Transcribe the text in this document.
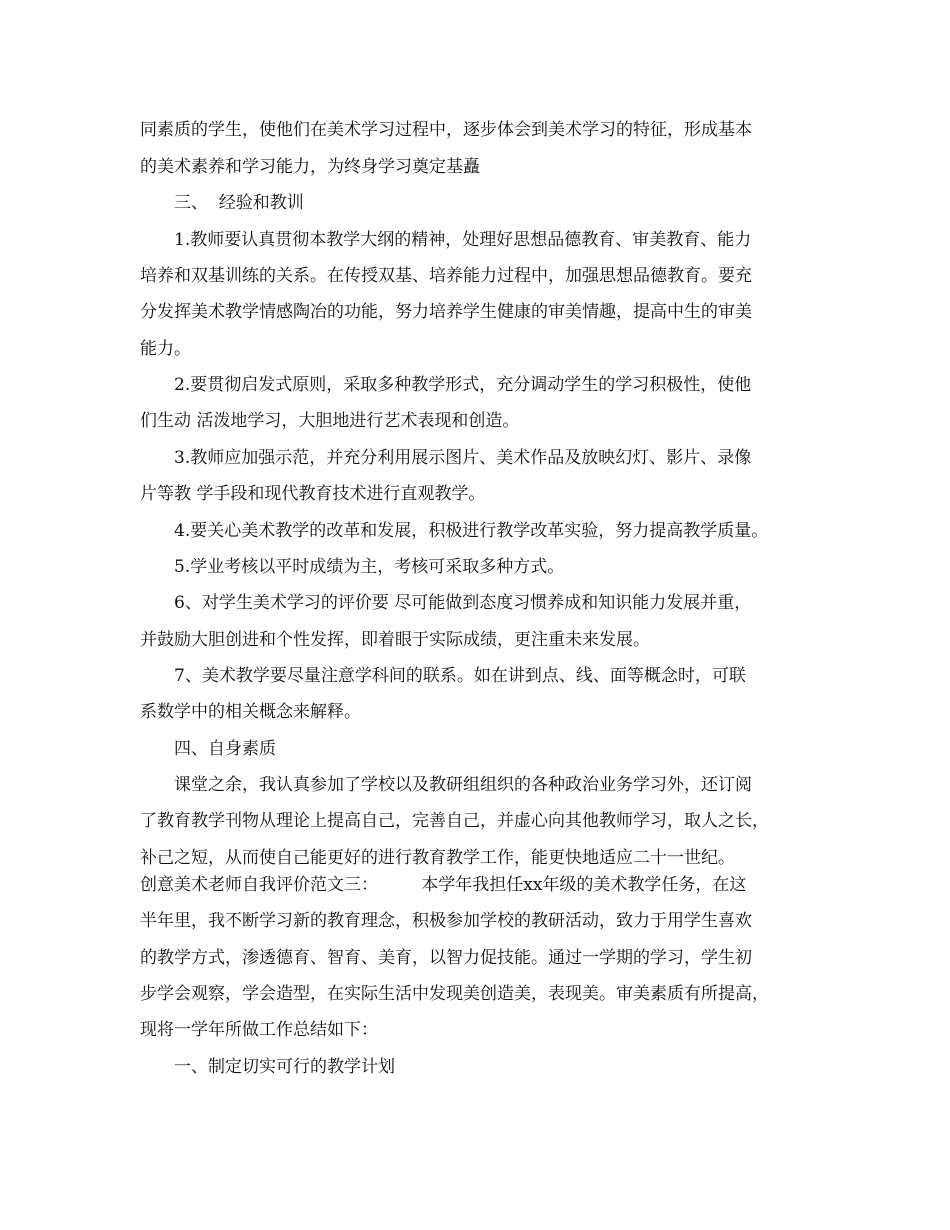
同素质的学生，使他们在美术学习过程中，逐步体会到美术学习的特征，形成基本
的美术素养和学习能力，为终身学习奠定基矗
三、  经验和教训
1.教师要认真贯彻本教学大纲的精神，处理好思想品德教育、审美教育、能力
培养和双基训练的关系。在传授双基、培养能力过程中，加强思想品德教育。要充
分发挥美术教学情感陶冶的功能，努力培养学生健康的审美情趣，提高中生的审美
能力。
2.要贯彻启发式原则，采取多种教学形式，充分调动学生的学习积极性，使他
们生动 活泼地学习，大胆地进行艺术表现和创造。
3.教师应加强示范，并充分利用展示图片、美术作品及放映幻灯、影片、录像
片等教 学手段和现代教育技术进行直观教学。
4.要关心美术教学的改革和发展，积极进行教学改革实验，努力提高教学质量。
5.学业考核以平时成绩为主，考核可采取多种方式。
6、对学生美术学习的评价要 尽可能做到态度习惯养成和知识能力发展并重，
并鼓励大胆创进和个性发挥，即着眼于实际成绩，更注重未来发展。
7、美术教学要尽量注意学科间的联系。如在讲到点、线、面等概念时，可联
系数学中的相关概念来解释。
四、自身素质
课堂之余，我认真参加了学校以及教研组组织的各种政治业务学习外，还订阅
了教育教学刊物从理论上提高自己，完善自己，并虚心向其他教师学习，取人之长，
补己之短，从而使自己能更好的进行教育教学工作，能更快地适应二十一世纪。
创意美术老师自我评价范文三：        本学年我担任xx年级的美术教学任务，在这
半年里，我不断学习新的教育理念，积极参加学校的教研活动，致力于用学生喜欢
的教学方式，渗透德育、智育、美育，以智力促技能。通过一学期的学习，学生初
步学会观察，学会造型，在实际生活中发现美创造美，表现美。审美素质有所提高，
现将一学年所做工作总结如下：
一、制定切实可行的教学计划
